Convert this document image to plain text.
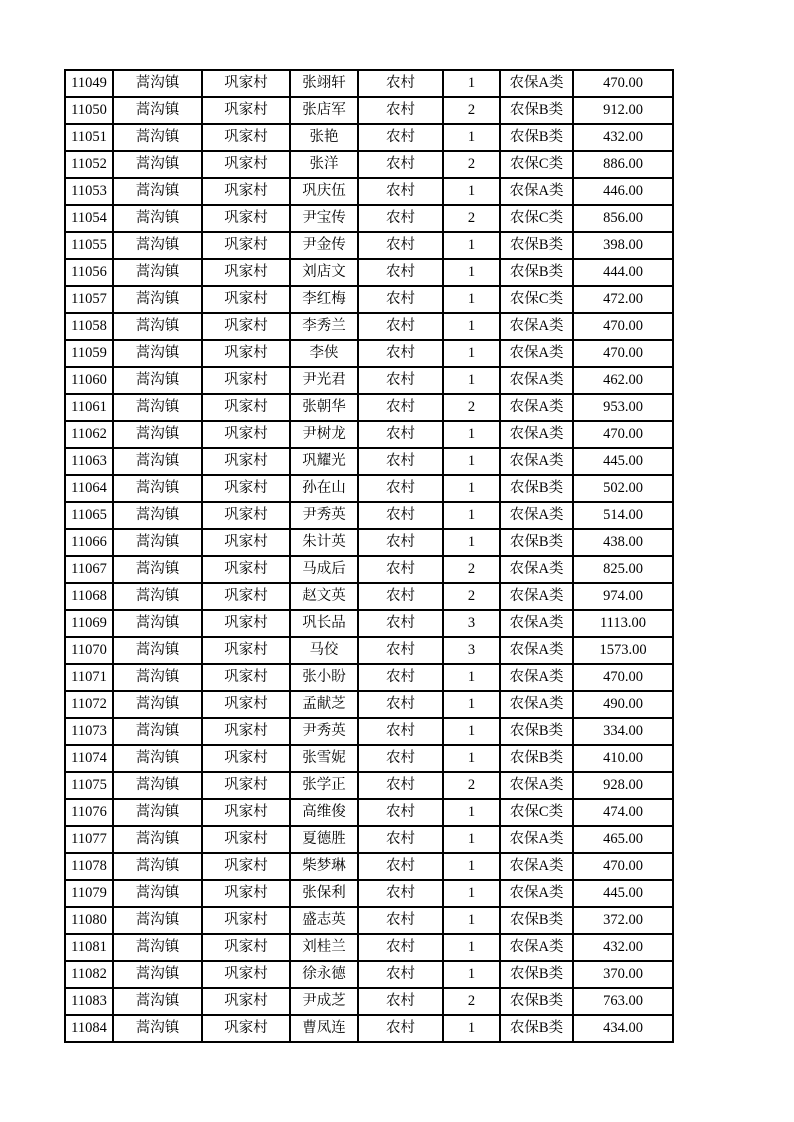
11049	蒿沟镇	巩家村	张翊轩	农村	1	农保A类	470.00
11050	蒿沟镇	巩家村	张店军	农村	2	农保B类	912.00
11051	蒿沟镇	巩家村	张艳	农村	1	农保B类	432.00
11052	蒿沟镇	巩家村	张洋	农村	2	农保C类	886.00
11053	蒿沟镇	巩家村	巩庆伍	农村	1	农保A类	446.00
11054	蒿沟镇	巩家村	尹宝传	农村	2	农保C类	856.00
11055	蒿沟镇	巩家村	尹金传	农村	1	农保B类	398.00
11056	蒿沟镇	巩家村	刘店文	农村	1	农保B类	444.00
11057	蒿沟镇	巩家村	李红梅	农村	1	农保C类	472.00
11058	蒿沟镇	巩家村	李秀兰	农村	1	农保A类	470.00
11059	蒿沟镇	巩家村	李侠	农村	1	农保A类	470.00
11060	蒿沟镇	巩家村	尹光君	农村	1	农保A类	462.00
11061	蒿沟镇	巩家村	张朝华	农村	2	农保A类	953.00
11062	蒿沟镇	巩家村	尹树龙	农村	1	农保A类	470.00
11063	蒿沟镇	巩家村	巩耀光	农村	1	农保A类	445.00
11064	蒿沟镇	巩家村	孙在山	农村	1	农保B类	502.00
11065	蒿沟镇	巩家村	尹秀英	农村	1	农保A类	514.00
11066	蒿沟镇	巩家村	朱计英	农村	1	农保B类	438.00
11067	蒿沟镇	巩家村	马成后	农村	2	农保A类	825.00
11068	蒿沟镇	巩家村	赵文英	农村	2	农保A类	974.00
11069	蒿沟镇	巩家村	巩长品	农村	3	农保A类	1113.00
11070	蒿沟镇	巩家村	马佼	农村	3	农保A类	1573.00
11071	蒿沟镇	巩家村	张小盼	农村	1	农保A类	470.00
11072	蒿沟镇	巩家村	孟献芝	农村	1	农保A类	490.00
11073	蒿沟镇	巩家村	尹秀英	农村	1	农保B类	334.00
11074	蒿沟镇	巩家村	张雪妮	农村	1	农保B类	410.00
11075	蒿沟镇	巩家村	张学正	农村	2	农保A类	928.00
11076	蒿沟镇	巩家村	高维俊	农村	1	农保C类	474.00
11077	蒿沟镇	巩家村	夏德胜	农村	1	农保A类	465.00
11078	蒿沟镇	巩家村	柴梦琳	农村	1	农保A类	470.00
11079	蒿沟镇	巩家村	张保利	农村	1	农保A类	445.00
11080	蒿沟镇	巩家村	盛志英	农村	1	农保B类	372.00
11081	蒿沟镇	巩家村	刘桂兰	农村	1	农保A类	432.00
11082	蒿沟镇	巩家村	徐永德	农村	1	农保B类	370.00
11083	蒿沟镇	巩家村	尹成芝	农村	2	农保B类	763.00
11084	蒿沟镇	巩家村	曹凤连	农村	1	农保B类	434.00
